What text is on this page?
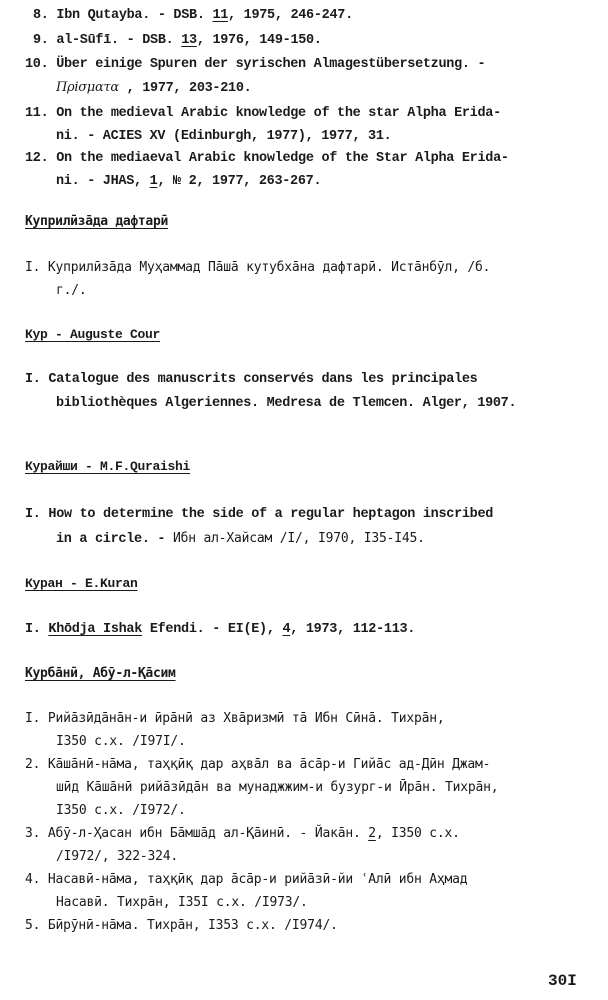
8. Ibn Qutayba. - DSB. 11, 1975, 246-247.
9. al-Sūfī. - DSB. 13, 1976, 149-150.
10. Über einige Spuren der syrischen Almagestübersetzung. -
Πρiσματα , 1977, 203-210.
11. On the medieval Arabic knowledge of the star Alpha Erida-
ni. - ACIES XV (Edinburgh, 1977), 1977, 31.
12. On the mediaeval Arabic knowledge of the Star Alpha Erida-
ni. - JHAS, 1, № 2, 1977, 263-267.
Куприлӣзāда дафтарӣ
I. Куприлӣзāда Муҳаммад Пāшā кутубхāна дафтарӣ. Истāнбӯл, /б.
г./.
Кур - Auguste Cour
I. Catalogue des manuscrits conservés dans les principales
bibliothèques Algeriennes. Medresa de Tlemcen. Alger, 1907.
Курайши - M.F.Quraishi
I. How to determine the side of a regular heptagon inscribed
in a circle. - Ибн ал-Хайсам /I/, I970, I35-I45.
Куран - E.Kuran
I. Khōdja Ishak Efendi. - EI(E), 4, 1973, 112-113.
Курбāнӣ, Абӯ-л-Қāсим
I. Рийāзӣдāнāн-и ӣрāнӣ аз Хвāризмӣ тā Ибн Сӣнā. Тихрāн,
I350 с.х. /I97I/.
2. Кāшāнӣ-нāма, таҳқӣқ дар аҳвāл ва āсāр-и Гийāс ад-Дӣн Джам-
шӣд Кāшāнӣ рийāзӣдāн ва мунаджжим-и бузург-и Ӣрāн. Тихрāн,
I350 с.х. /I972/.
3. Абӯ-л-Ҳасан ибн Бāмшāд ал-Қāинӣ. - Йакāн. 2, I350 с.х.
/I972/, 322-324.
4. Насавӣ-нāма, таҳқӣқ дар āсāр-и рийāзӣ-йи ʿАлӣ ибн Аҳмад
Насавӣ. Тихрāн, I35I с.х. /I973/.
5. Бӣрӯнӣ-нāма. Тихрāн, I353 с.х. /I974/.
30I
